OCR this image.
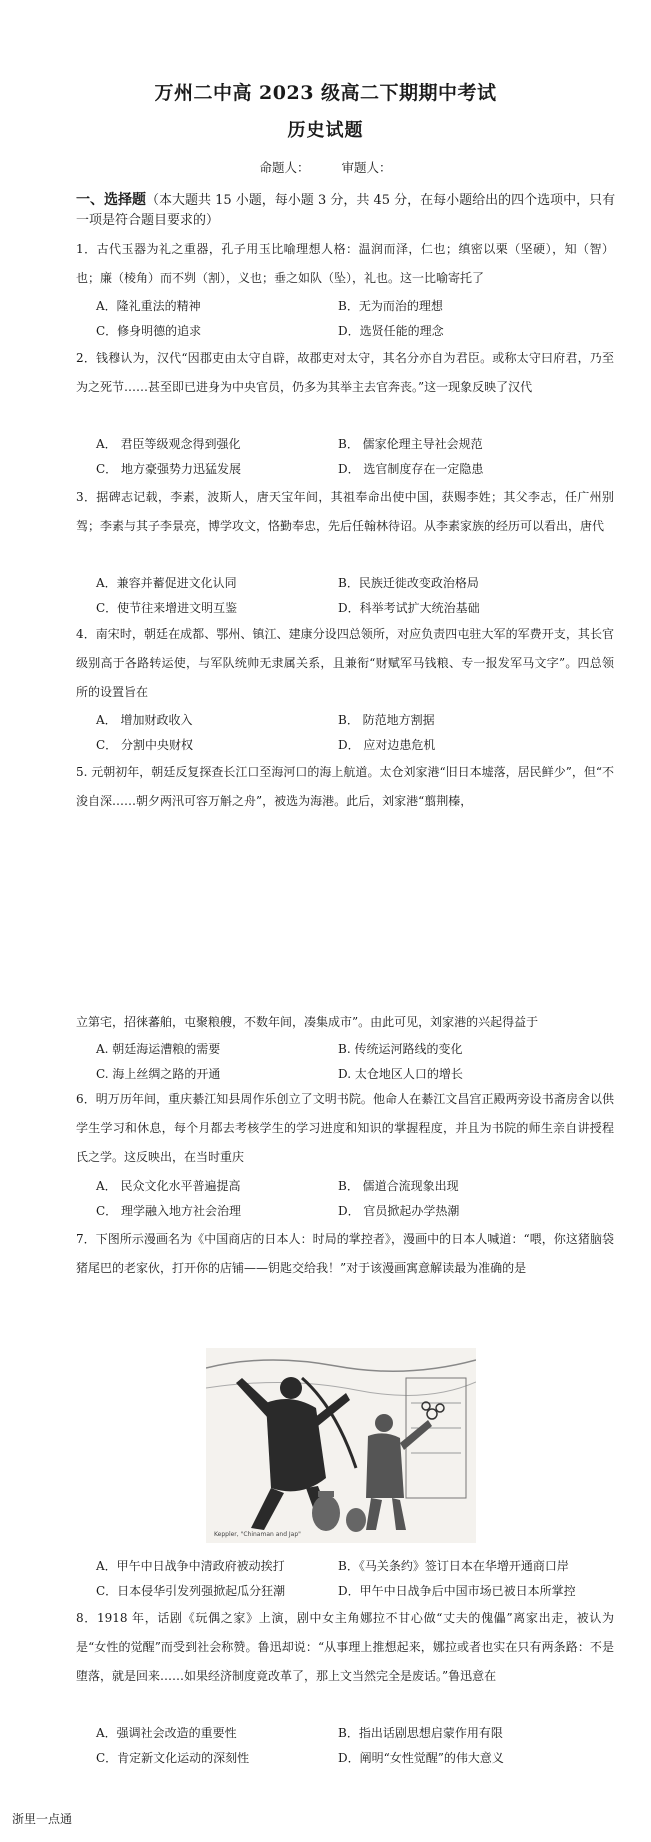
万州二中高 2023 级高二下期期中考试
历史试题
命题人：	审题人：
一、选择题（本大题共 15 小题，每小题 3 分，共 45 分，在每小题给出的四个选项中，只有一项是符合题目要求的）
1．古代玉器为礼之重器，孔子用玉比喻理想人格：温润而泽，仁也；缜密以栗（坚硬），知（智）也；廉（棱角）而不刿（割），义也；垂之如队（坠），礼也。这一比喻寄托了
A．隆礼重法的精神	B．无为而治的理想
C．修身明德的追求	D．选贤任能的理念
2．钱穆认为，汉代“因郡吏由太守自辟，故郡吏对太守，其名分亦自为君臣。或称太守曰府君，乃至为之死节……甚至即已进身为中央官员，仍多为其举主去官奔丧。”这一现象反映了汉代
A． 君臣等级观念得到强化	B． 儒家伦理主导社会规范
C． 地方豪强势力迅猛发展	D． 选官制度存在一定隐患
3．据碑志记载，李素，波斯人，唐天宝年间，其祖奉命出使中国，获赐李姓；其父李志，任广州别驾；李素与其子李景亮，博学攻文，恪勤奉忠，先后任翰林待诏。从李素家族的经历可以看出，唐代
A．兼容并蓄促进文化认同	B．民族迁徙改变政治格局
C．使节往来增进文明互鉴	D．科举考试扩大统治基础
4．南宋时，朝廷在成都、鄂州、镇江、建康分设四总领所，对应负责四屯驻大军的军费开支，其长官级别高于各路转运使，与军队统帅无隶属关系，且兼衔“财赋军马钱粮、专一报发军马文字”。四总领所的设置旨在
A． 增加财政收入	B． 防范地方割据
C． 分割中央财权	D． 应对边患危机
5. 元朝初年，朝廷反复探查长江口至海河口的海上航道。太仓刘家港“旧日本墟落，居民鲜少”，但“不浚自深……朝夕两汛可容万斛之舟”，被选为海港。此后，刘家港“翦荆榛，
立第宅，招徕蕃舶，屯聚粮艘，不数年间，凑集成市”。由此可见，刘家港的兴起得益于
A. 朝廷海运漕粮的需要	B. 传统运河路线的变化
C. 海上丝绸之路的开通	D. 太仓地区人口的增长
6．明万历年间，重庆綦江知县周作乐创立了文明书院。他命人在綦江文昌宫正殿两旁设书斋房舍以供学生学习和休息，每个月都去考核学生的学习进度和知识的掌握程度，并且为书院的师生亲自讲授程氏之学。这反映出，在当时重庆
A． 民众文化水平普遍提高	B． 儒道合流现象出现
C． 理学融入地方社会治理	D． 官员掀起办学热潮
7．下图所示漫画名为《中国商店的日本人：时局的掌控者》，漫画中的日本人喊道：“喂，你这猪脑袋猪尾巴的老家伙，打开你的店铺——钥匙交给我！”对于该漫画寓意解读最为准确的是
Keppler, "Chinaman and Jap"
A．甲午中日战争中清政府被动挨打	B．《马关条约》签订日本在华增开通商口岸
C．日本侵华引发列强掀起瓜分狂潮	D．甲午中日战争后中国市场已被日本所掌控
8．1918 年，话剧《玩偶之家》上演，剧中女主角娜拉不甘心做“丈夫的傀儡”离家出走，被认为是“女性的觉醒”而受到社会称赞。鲁迅却说：“从事理上推想起来，娜拉或者也实在只有两条路：不是堕落，就是回来……如果经济制度竟改革了，那上文当然完全是废话。”鲁迅意在
A．强调社会改造的重要性	B．指出话剧思想启蒙作用有限
C．肯定新文化运动的深刻性	D．阐明“女性觉醒”的伟大意义
浙里一点通
